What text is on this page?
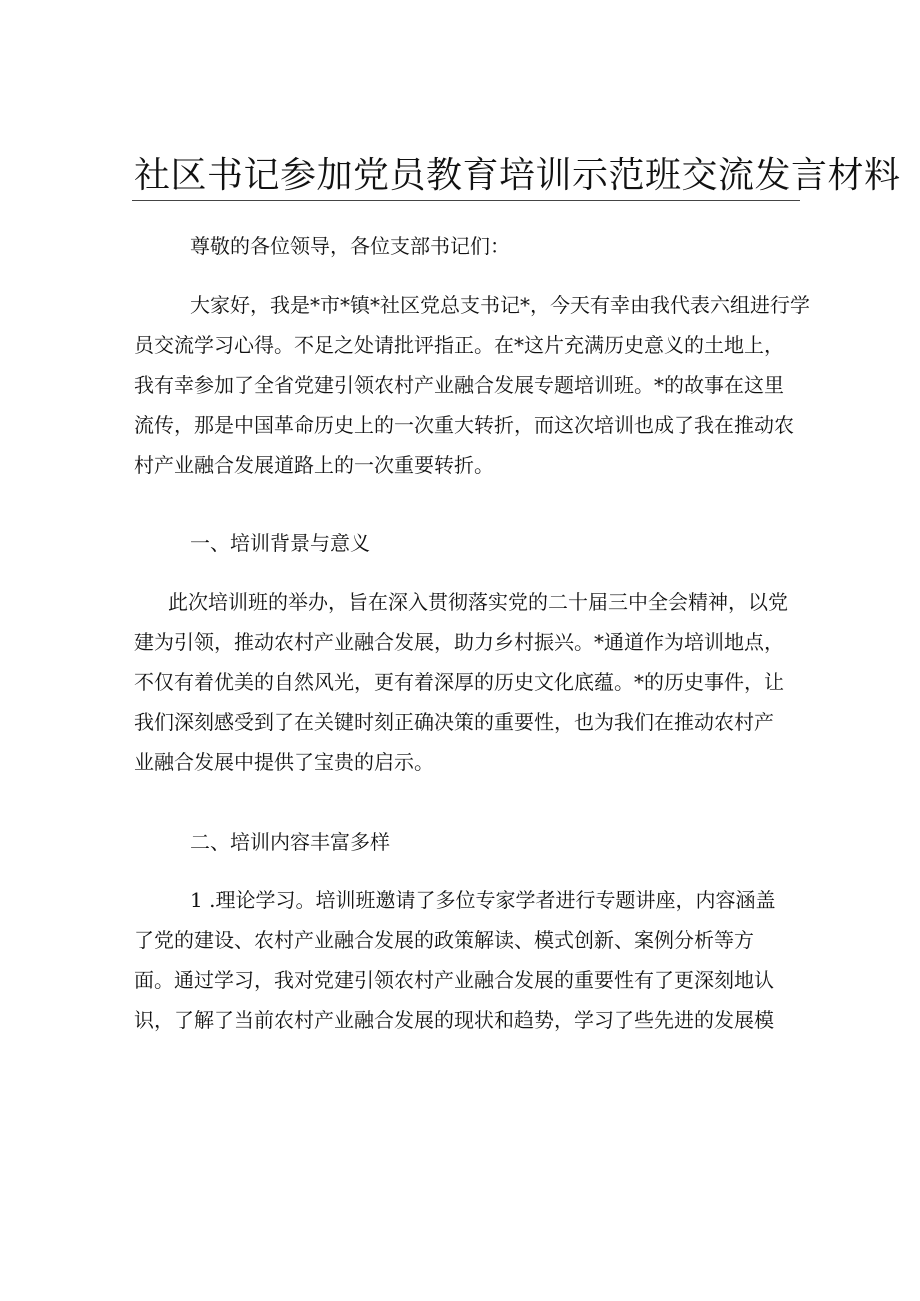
社区书记参加党员教育培训示范班交流发言材料
尊敬的各位领导，各位支部书记们：
大家好，我是*市*镇*社区党总支书记*，今天有幸由我代表六组进行学
员交流学习心得。不足之处请批评指正。在*这片充满历史意义的土地上，
我有幸参加了全省党建引领农村产业融合发展专题培训班。*的故事在这里
流传，那是中国革命历史上的一次重大转折，而这次培训也成了我在推动农
村产业融合发展道路上的一次重要转折。
一、培训背景与意义
此次培训班的举办，旨在深入贯彻落实党的二十届三中全会精神，以党
建为引领，推动农村产业融合发展，助力乡村振兴。*通道作为培训地点，
不仅有着优美的自然风光，更有着深厚的历史文化底蕴。*的历史事件，让
我们深刻感受到了在关键时刻正确决策的重要性，也为我们在推动农村产
业融合发展中提供了宝贵的启示。
二、培训内容丰富多样
1 .理论学习。培训班邀请了多位专家学者进行专题讲座，内容涵盖
了党的建设、农村产业融合发展的政策解读、模式创新、案例分析等方
面。通过学习，我对党建引领农村产业融合发展的重要性有了更深刻地认
识，了解了当前农村产业融合发展的现状和趋势，学习了些先进的发展模
